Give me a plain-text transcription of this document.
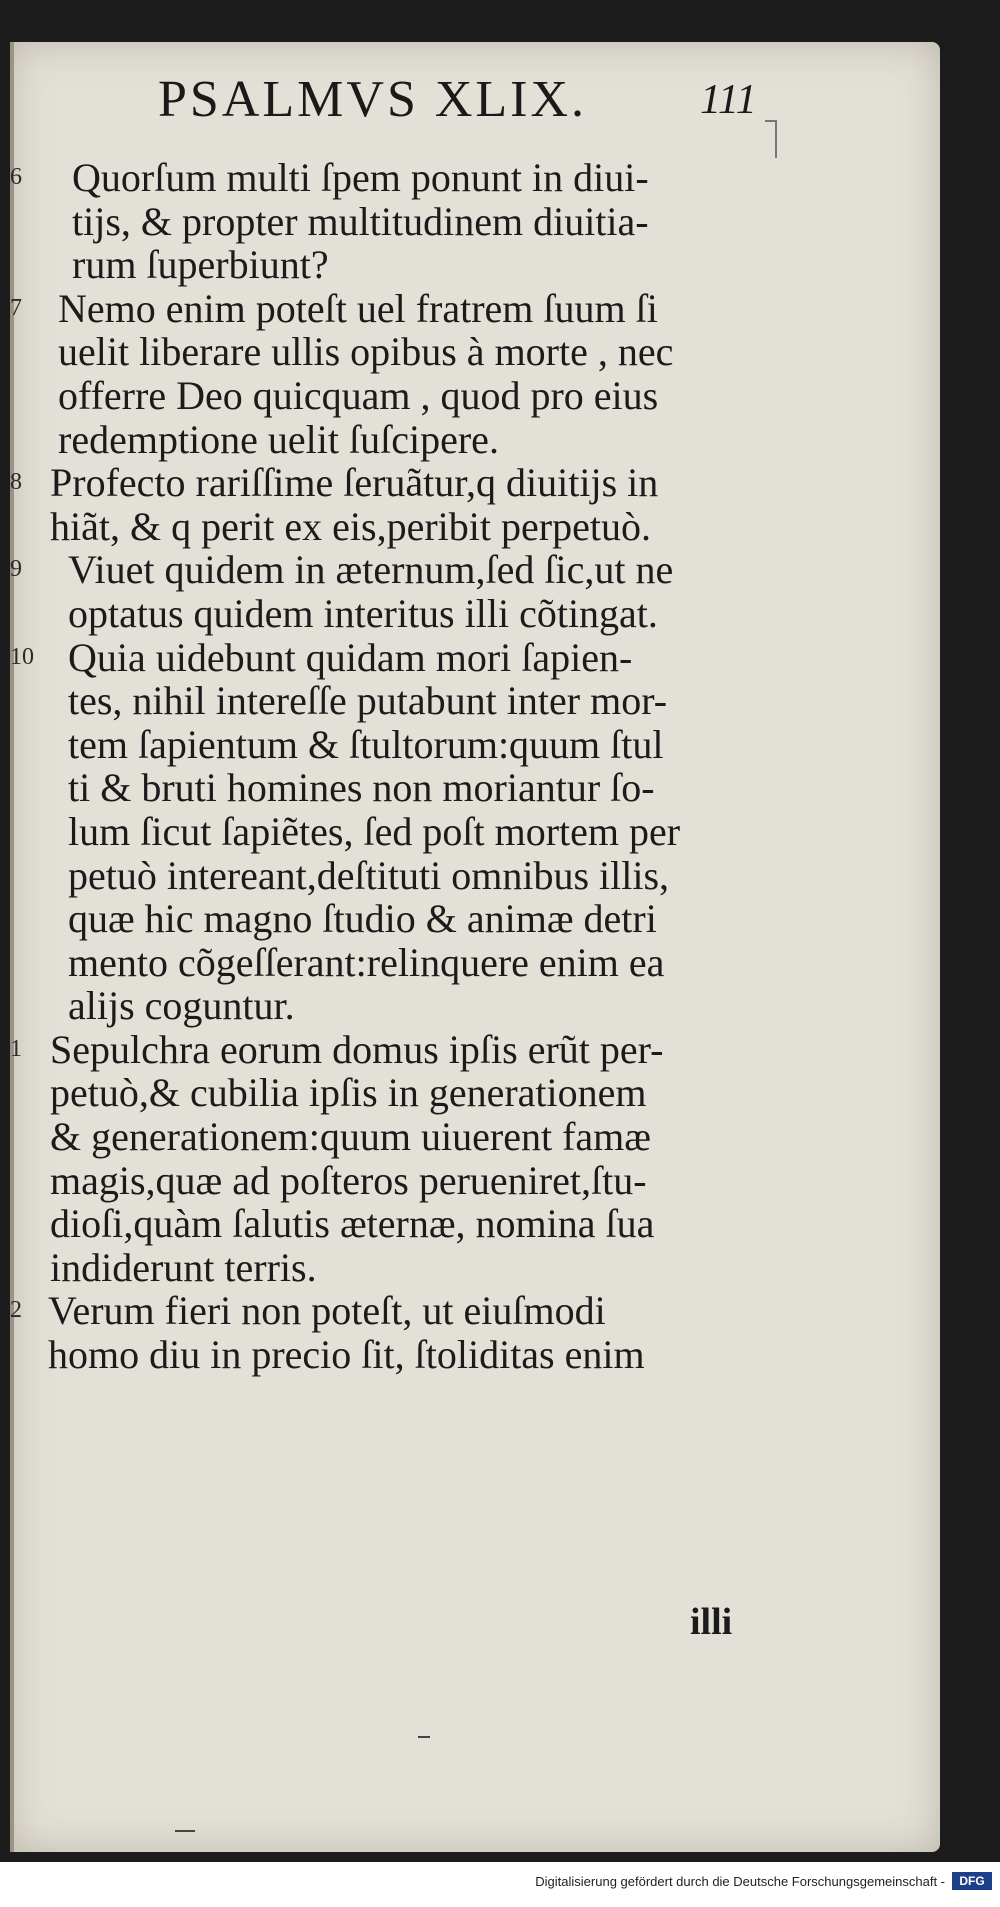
PSALMVS XLIX.	111
6	Quorſum multi ſpem ponunt in diui-
tijs, & propter multitudinem diuitia-
rum ſuperbiunt?
7 Nemo enim poteſt uel fratrem ſuum ſi
uelit liberare ullis opibus à morte , nec
offerre Deo quicquam , quod pro eius
redemptione uelit ſuſcipere.
8 Profecto rariſſime ſeruãtur,q diuitijs in
hiãt, & q perit ex eis,peribit perpetuò.
9	Viuet quidem in æternum,ſed ſic,ut ne
optatus quidem interitus illi cõtingat.
10 Quia uidebunt quidam mori ſapien-
tes, nihil intereſſe putabunt inter mor-
tem ſapientum & ſtultorum:quum ſtul
ti & bruti homines non moriantur ſo-
lum ſicut ſapiẽtes, ſed poſt mortem per
petuò intereant,deſtituti omnibus illis,
quæ hic magno ſtudio & animæ detri
mento cõgeſſerant:relinquere enim ea
alijs coguntur.
1 Sepulchra eorum domus ipſis erũt per-
petuò,& cubilia ipſis in generationem
& generationem:quum uiuerent famæ
magis,quæ ad poſteros perueniret,ſtu-
dioſi,quàm ſalutis æternæ, nomina ſua
indiderunt terris.
2 Verum fieri non poteſt, ut eiuſmodi
homo diu in precio ſit, ſtoliditas enim
illi
Digitalisierung gefördert durch die Deutsche Forschungsgemeinschaft -	DFG
